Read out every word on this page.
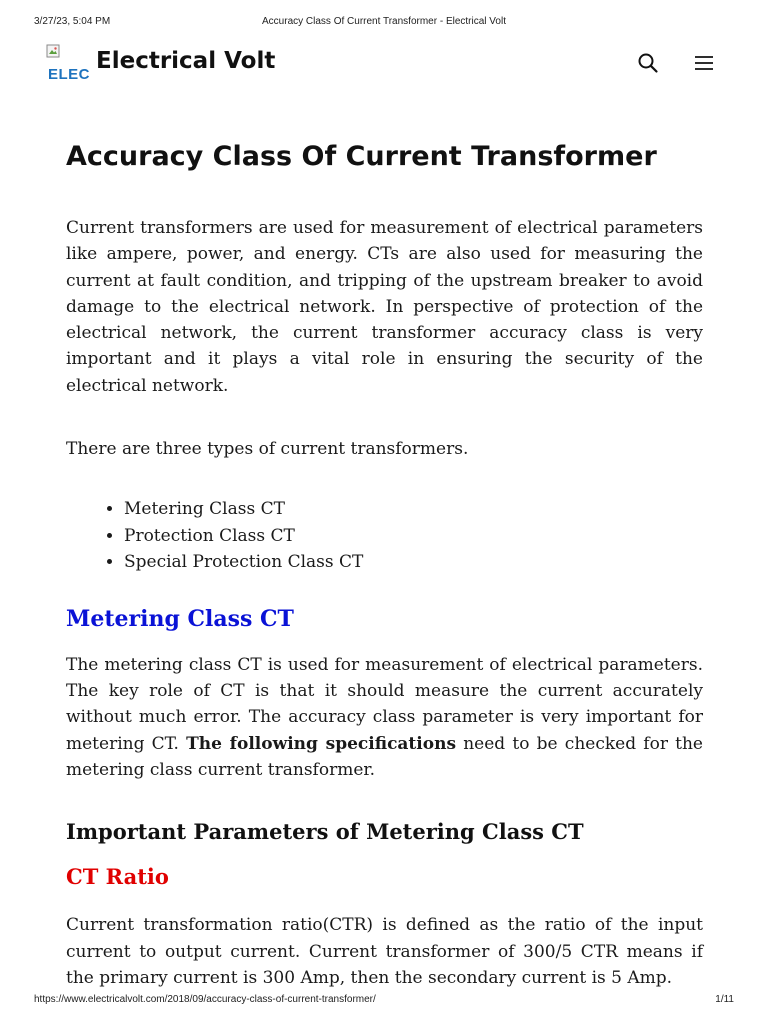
3/27/23, 5:04 PM	Accuracy Class Of Current Transformer - Electrical Volt
ELEC
Electrical Volt
Accuracy Class Of Current Transformer

Current transformers are used for measurement of electrical parameters like ampere, power, and energy. CTs are also used for measuring the current at fault condition, and tripping of the upstream breaker to avoid damage to the electrical network. In perspective of protection of the electrical network, the current transformer accuracy class is very important and it plays a vital role in ensuring the security of the electrical network.

There are three types of current transformers.

• Metering Class CT
• Protection Class CT
• Special Protection Class CT
Metering Class CT

The metering class CT is used for measurement of electrical parameters. The key role of CT is that it should measure the current accurately without much error. The accuracy class parameter is very important for metering CT. The following specifications need to be checked for the metering class current transformer.

Important Parameters of Metering Class CT
CT Ratio

Current transformation ratio(CTR) is defined as the ratio of the input current to output current. Current transformer of 300/5 CTR means if the primary current is 300 Amp, then the secondary current is 5 Amp.

https://www.electricalvolt.com/2018/09/accuracy-class-of-current-transformer/	1/11
